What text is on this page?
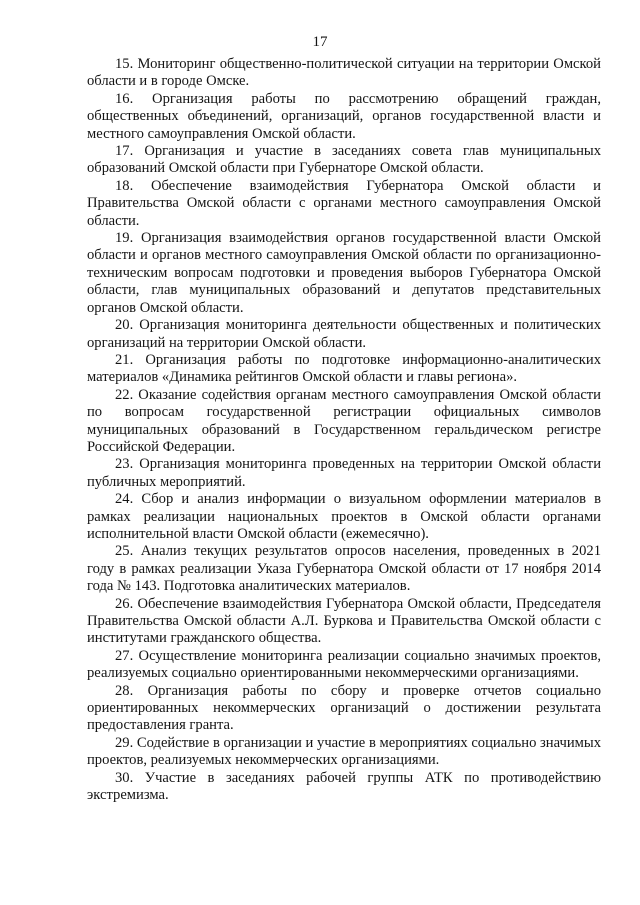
17

15. Мониторинг общественно-политической ситуации на территории Омской области и в городе Омске.

16. Организация работы по рассмотрению обращений граждан, общественных объединений, организаций, органов государственной власти и местного самоуправления Омской области.

17. Организация и участие в заседаниях совета глав муниципальных образований Омской области при Губернаторе Омской области.

18. Обеспечение взаимодействия Губернатора Омской области и Правительства Омской области с органами местного самоуправления Омской области.

19. Организация взаимодействия органов государственной власти Омской области и органов местного самоуправления Омской области по организационно-техническим вопросам подготовки и проведения выборов Губернатора Омской области, глав муниципальных образований и депутатов представительных органов Омской области.

20. Организация мониторинга деятельности общественных и политических организаций на территории Омской области.

21. Организация работы по подготовке информационно-аналитических материалов «Динамика рейтингов Омской области и главы региона».

22. Оказание содействия органам местного самоуправления Омской области по вопросам государственной регистрации официальных символов муниципальных образований в Государственном геральдическом регистре Российской Федерации.

23. Организация мониторинга проведенных на территории Омской области публичных мероприятий.

24. Сбор и анализ информации о визуальном оформлении материалов в рамках реализации национальных проектов в Омской области органами исполнительной власти Омской области (ежемесячно).

25. Анализ текущих результатов опросов населения, проведенных в 2021 году в рамках реализации Указа Губернатора Омской области от 17 ноября 2014 года № 143. Подготовка аналитических материалов.

26. Обеспечение взаимодействия Губернатора Омской области, Председателя Правительства Омской области А.Л. Буркова и Правительства Омской области с институтами гражданского общества.

27. Осуществление мониторинга реализации социально значимых проектов, реализуемых социально ориентированными некоммерческими организациями.

28. Организация работы по сбору и проверке отчетов социально ориентированных некоммерческих организаций о достижении результата предоставления гранта.

29. Содействие в организации и участие в мероприятиях социально значимых проектов, реализуемых некоммерческих организациями.

30. Участие в заседаниях рабочей группы АТК по противодействию экстремизма.
